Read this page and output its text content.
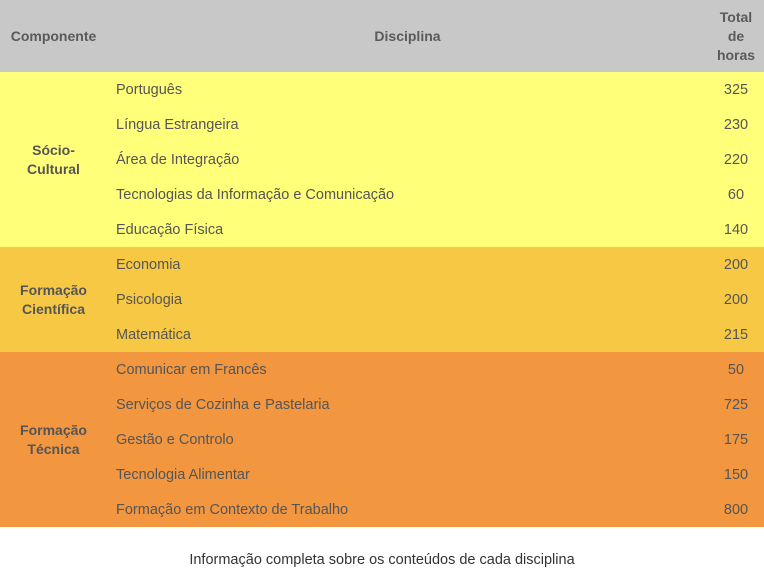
Componente	Disciplina	Total
de
horas
Sócio-
Cultural	Português	325
	Língua Estrangeira	230
	Área de Integração	220
	Tecnologias da Informação e Comunicação	60
	Educação Física	140
Formação
Científica	Economia	200
	Psicologia	200
	Matemática	215
Formação
Técnica	Comunicar em Francês	50
	Serviços de Cozinha e Pastelaria	725
	Gestão e Controlo	175
	Tecnologia Alimentar	150
	Formação em Contexto de Trabalho	800
Informação completa sobre os conteúdos de cada disciplina
